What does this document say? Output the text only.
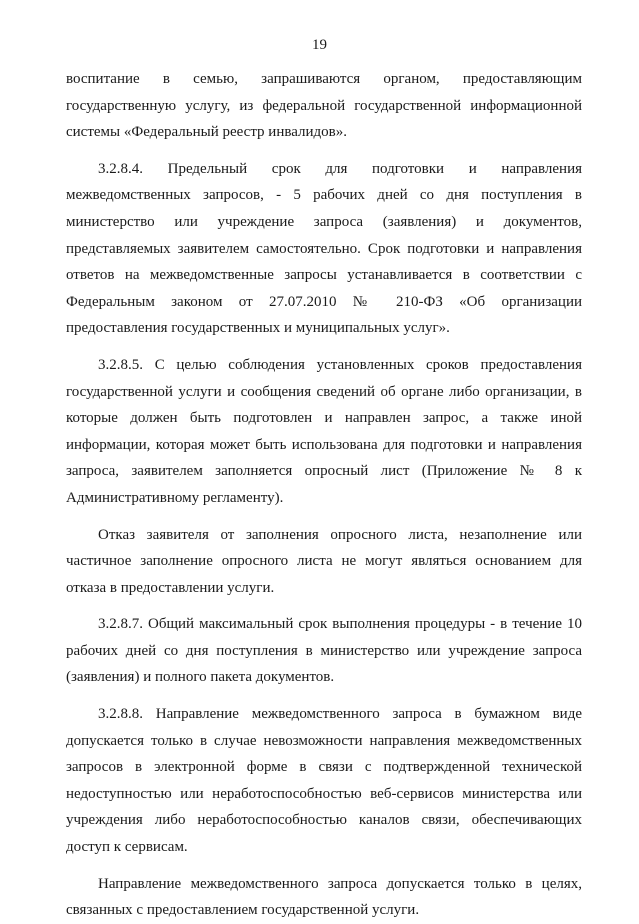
19

воспитание в семью, запрашиваются органом, предоставляющим государственную услугу, из федеральной государственной информационной системы «Федеральный реестр инвалидов».

3.2.8.4. Предельный срок для подготовки и направления межведомственных запросов, - 5 рабочих дней со дня поступления в министерство или учреждение запроса (заявления) и документов, представляемых заявителем самостоятельно. Срок подготовки и направления ответов на межведомственные запросы устанавливается в соответствии с Федеральным законом от 27.07.2010 № 210-ФЗ «Об организации предоставления государственных и муниципальных услуг».

3.2.8.5. С целью соблюдения установленных сроков предоставления государственной услуги и сообщения сведений об органе либо организации, в которые должен быть подготовлен и направлен запрос, а также иной информации, которая может быть использована для подготовки и направления запроса, заявителем заполняется опросный лист (Приложение № 8 к Административному регламенту).

Отказ заявителя от заполнения опросного листа, незаполнение или частичное заполнение опросного листа не могут являться основанием для отказа в предоставлении услуги.

3.2.8.7. Общий максимальный срок выполнения процедуры - в течение 10 рабочих дней со дня поступления в министерство или учреждение запроса (заявления) и полного пакета документов.

3.2.8.8. Направление межведомственного запроса в бумажном виде допускается только в случае невозможности направления межведомственных запросов в электронной форме в связи с подтвержденной технической недоступностью или неработоспособностью веб-сервисов министерства или учреждения либо неработоспособностью каналов связи, обеспечивающих доступ к сервисам.

Направление межведомственного запроса допускается только в целях, связанных с предоставлением государственной услуги.
